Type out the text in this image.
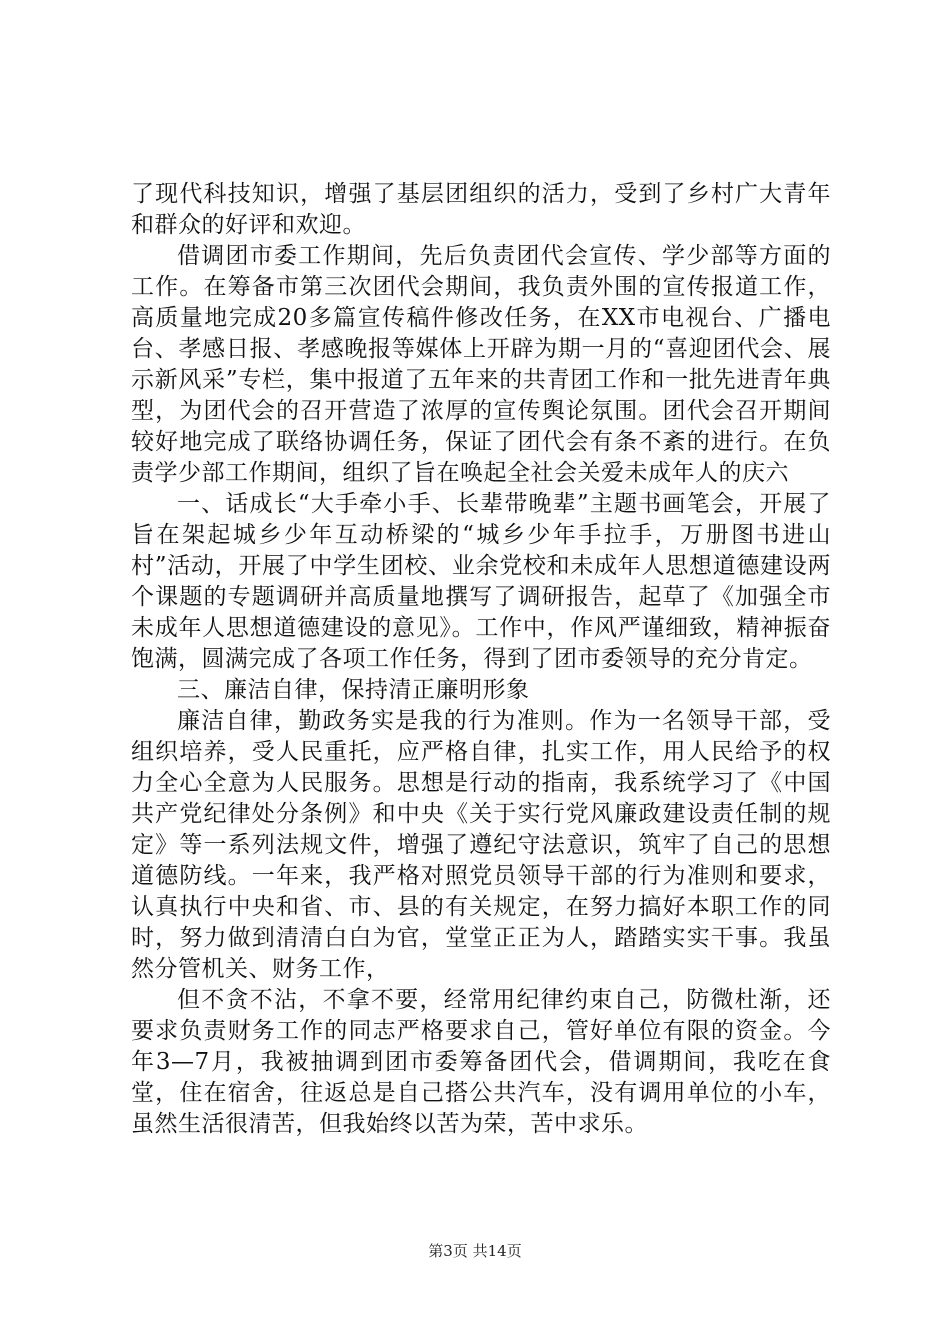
了现代科技知识，增强了基层团组织的活力，受到了乡村广大青年和群众的好评和欢迎。

借调团市委工作期间，先后负责团代会宣传、学少部等方面的工作。在筹备市第三次团代会期间，我负责外围的宣传报道工作，高质量地完成20多篇宣传稿件修改任务，在XX市电视台、广播电台、孝感日报、孝感晚报等媒体上开辟为期一月的“喜迎团代会、展示新风采”专栏，集中报道了五年来的共青团工作和一批先进青年典型，为团代会的召开营造了浓厚的宣传舆论氛围。团代会召开期间较好地完成了联络协调任务，保证了团代会有条不紊的进行。在负责学少部工作期间，组织了旨在唤起全社会关爱未成年人的庆六

一、话成长“大手牵小手、长辈带晚辈”主题书画笔会，开展了旨在架起城乡少年互动桥梁的“城乡少年手拉手，万册图书进山村”活动，开展了中学生团校、业余党校和未成年人思想道德建设两个课题的专题调研并高质量地撰写了调研报告，起草了《加强全市未成年人思想道德建设的意见》。工作中，作风严谨细致，精神振奋饱满，圆满完成了各项工作任务，得到了团市委领导的充分肯定。

三、廉洁自律，保持清正廉明形象

廉洁自律，勤政务实是我的行为准则。作为一名领导干部，受组织培养，受人民重托，应严格自律，扎实工作，用人民给予的权力全心全意为人民服务。思想是行动的指南，我系统学习了《中国共产党纪律处分条例》和中央《关于实行党风廉政建设责任制的规定》等一系列法规文件，增强了遵纪守法意识，筑牢了自己的思想道德防线。一年来，我严格对照党员领导干部的行为准则和要求，认真执行中央和省、市、县的有关规定，在努力搞好本职工作的同时，努力做到清清白白为官，堂堂正正为人，踏踏实实干事。我虽然分管机关、财务工作，

但不贪不沾，不拿不要，经常用纪律约束自己，防微杜渐，还要求负责财务工作的同志严格要求自己，管好单位有限的资金。今年3—7月，我被抽调到团市委筹备团代会，借调期间，我吃在食堂，住在宿舍，往返总是自己搭公共汽车，没有调用单位的小车，虽然生活很清苦，但我始终以苦为荣，苦中求乐。

第3页 共14页
